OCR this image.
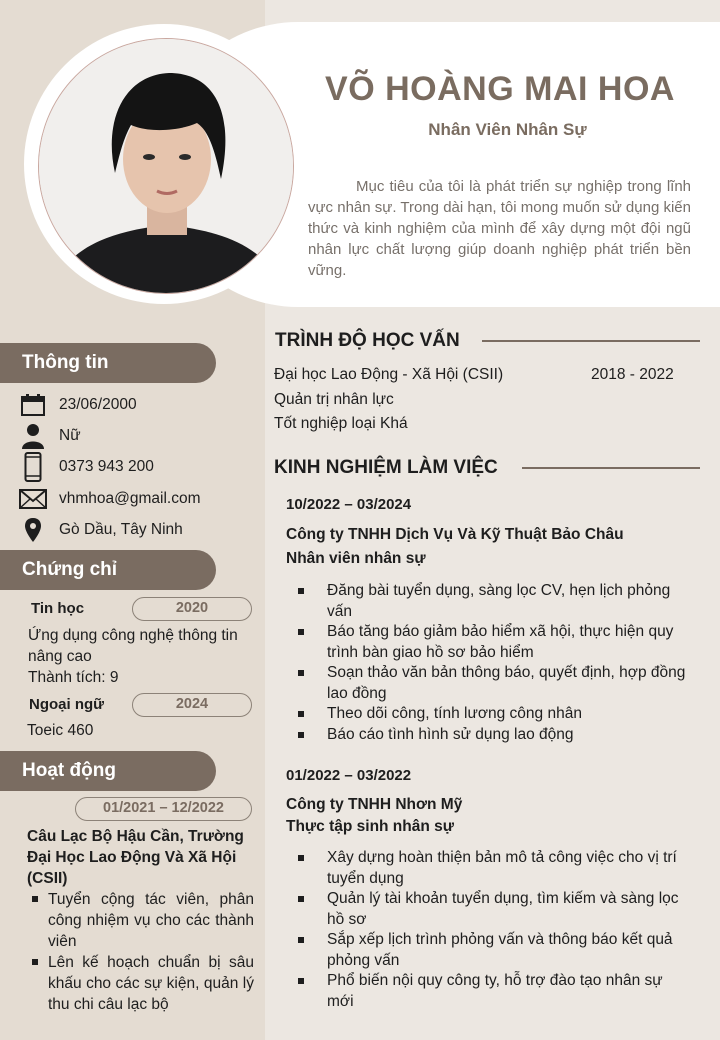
VÕ HOÀNG MAI HOA
Nhân Viên Nhân Sự

Mục tiêu của tôi là phát triển sự nghiệp trong lĩnh vực nhân sự. Trong dài hạn, tôi mong muốn sử dụng kiến thức và kinh nghiệm của mình để xây dựng một đội ngũ nhân lực chất lượng giúp doanh nghiệp phát triển bền vững.

Thông tin
23/06/2000
Nữ
0373 943 200
vhmhoa@gmail.com
Gò Dầu, Tây Ninh
Chứng chỉ
Tin học	2020
Ứng dụng công nghệ thông tin nâng cao
Thành tích: 9
Ngoại ngữ	2024
Toeic 460
Hoạt động
01/2021 – 12/2022
Câu Lạc Bộ Hậu Cần, Trường Đại Học Lao Động Và Xã Hội (CSII)
Tuyển cộng tác viên, phân công nhiệm vụ cho các thành viên
Lên kế hoạch chuẩn bị sâu khấu cho các sự kiện, quản lý thu chi câu lạc bộ
TRÌNH ĐỘ HỌC VẤN
Đại học Lao Động - Xã Hội (CSII)	2018 - 2022
Quản trị nhân lực
Tốt nghiệp loại Khá
KINH NGHIỆM LÀM VIỆC
10/2022 – 03/2024
Công ty TNHH Dịch Vụ Và Kỹ Thuật Bảo Châu
Nhân viên nhân sự
Đăng bài tuyển dụng, sàng lọc CV, hẹn lịch phỏng vấn
Báo tăng báo giảm bảo hiểm xã hội, thực hiện quy trình bàn giao hồ sơ bảo hiểm
Soạn thảo văn bản thông báo, quyết định, hợp đồng lao đồng
Theo dõi công, tính lương công nhân
Báo cáo tình hình sử dụng lao động
01/2022 – 03/2022
Công ty TNHH Nhơn Mỹ
Thực tập sinh nhân sự
Xây dựng hoàn thiện bản mô tả công việc cho vị trí tuyển dụng
Quản lý tài khoản tuyển dụng, tìm kiếm và sàng lọc hồ sơ
Sắp xếp lịch trình phỏng vấn và thông báo kết quả phỏng vấn
Phổ biến nội quy công ty, hỗ trợ đào tạo nhân sự mới
